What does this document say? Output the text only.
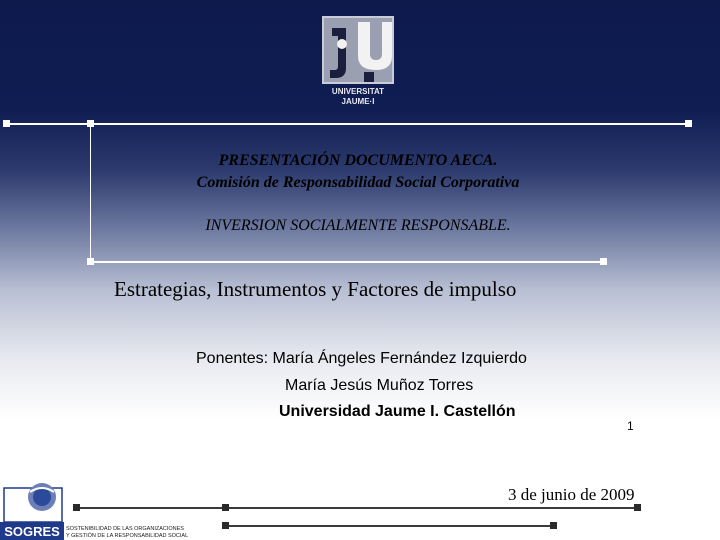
UNIVERSITAT
JAUME·I
PRESENTACIÓN DOCUMENTO AECA.
Comisión de Responsabilidad Social Corporativa
INVERSION SOCIALMENTE RESPONSABLE.
Estrategias, Instrumentos y Factores de impulso
Ponentes: María Ángeles Fernández Izquierdo
María Jesús Muñoz Torres
Universidad Jaume I. Castellón
1
3 de junio de 2009
SOGRES SOSTENIBILIDAD DE LAS ORGANIZACIONES
Y GESTIÓN DE LA RESPONSABILIDAD SOCIAL
